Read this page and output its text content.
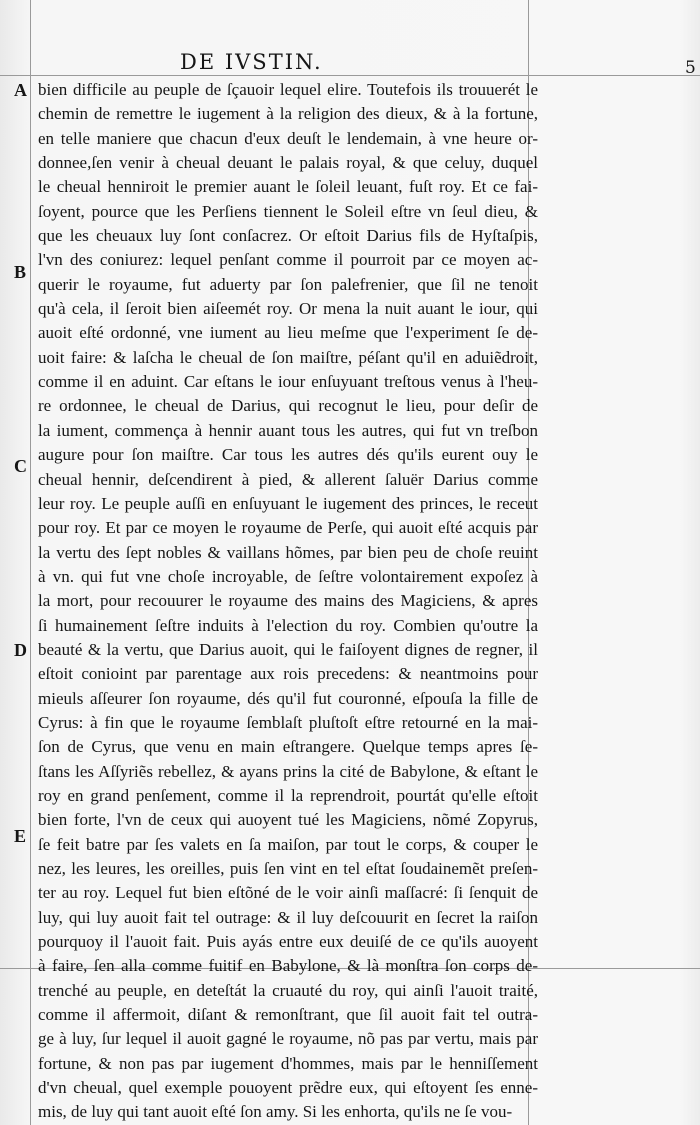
DE IVSTIN.	5
A
B
C
D
E
bien difficile au peuple de ſçauoir lequel elire. Toutefois ils trouuerét le
chemin de remettre le iugement à la religion des dieux, & à la fortune,
en telle maniere que chacun d'eux deuſt le lendemain, à vne heure or-
donnee,ſen venir à cheual deuant le palais royal, & que celuy, duquel
le cheual henniroit le premier auant le ſoleil leuant, fuſt roy. Et ce fai-
ſoyent, pource que les Perſiens tiennent le Soleil eſtre vn ſeul dieu, &
que les cheuaux luy ſont conſacrez. Or eſtoit Darius fils de Hyſtaſpis,
l'vn des coniurez: lequel penſant comme il pourroit par ce moyen ac-
querir le royaume, fut aduerty par ſon palefrenier, que ſil ne tenoit
qu'à cela, il ſeroit bien aiſeemét roy. Or mena la nuit auant le iour, qui
auoit eſté ordonné, vne iument au lieu meſme que l'experiment ſe de-
uoit faire: & laſcha le cheual de ſon maiſtre, péſant qu'il en aduiẽdroit,
comme il en aduint. Car eſtans le iour enſuyuant treſtous venus à l'heu-
re ordonnee, le cheual de Darius, qui recognut le lieu, pour deſir de
la iument, commença à hennir auant tous les autres, qui fut vn treſbon
augure pour ſon maiſtre. Car tous les autres dés qu'ils eurent ouy le
cheual hennir, deſcendirent à pied, & allerent ſaluër Darius comme
leur roy. Le peuple auſſi en enſuyuant le iugement des princes, le receut
pour roy. Et par ce moyen le royaume de Perſe, qui auoit eſté acquis par
la vertu des ſept nobles & vaillans hõmes, par bien peu de choſe reuint
à vn. qui fut vne choſe incroyable, de ſeſtre volontairement expoſez à
la mort, pour recouurer le royaume des mains des Magiciens, & apres
ſi humainement ſeſtre induits à l'election du roy. Combien qu'outre la
beauté & la vertu, que Darius auoit, qui le faiſoyent dignes de regner, il
eſtoit conioint par parentage aux rois precedens: & neantmoins pour
mieuls aſſeurer ſon royaume, dés qu'il fut couronné, eſpouſa la fille de
Cyrus: à fin que le royaume ſemblaſt pluſtoſt eſtre retourné en la mai-
ſon de Cyrus, que venu en main eſtrangere. Quelque temps apres ſe-
ſtans les Aſſyriẽs rebellez, & ayans prins la cité de Babylone, & eſtant le
roy en grand penſement, comme il la reprendroit, pourtát qu'elle eſtoit
bien forte, l'vn de ceux qui auoyent tué les Magiciens, nõmé Zopyrus,
ſe feit batre par ſes valets en ſa maiſon, par tout le corps, & couper le
nez, les leures, les oreilles, puis ſen vint en tel eſtat ſoudainemẽt preſen-
ter au roy. Lequel fut bien eſtõné de le voir ainſi maſſacré: ſi ſenquit de
luy, qui luy auoit fait tel outrage: & il luy deſcouurit en ſecret la raiſon
pourquoy il l'auoit fait. Puis ayás entre eux deuiſé de ce qu'ils auoyent
à faire, ſen alla comme fuitif en Babylone, & là monſtra ſon corps de-
trenché au peuple, en deteſtát la cruauté du roy, qui ainſi l'auoit traité,
comme il affermoit, diſant & remonſtrant, que ſil auoit fait tel outra-
ge à luy, ſur lequel il auoit gagné le royaume, nõ pas par vertu, mais par
fortune, & non pas par iugement d'hommes, mais par le henniſſement
d'vn cheual, quel exemple pouoyent prẽdre eux, qui eſtoyent ſes enne-
mis, de luy qui tant auoit eſté ſon amy. Si les enhorta, qu'ils ne ſe vou-
